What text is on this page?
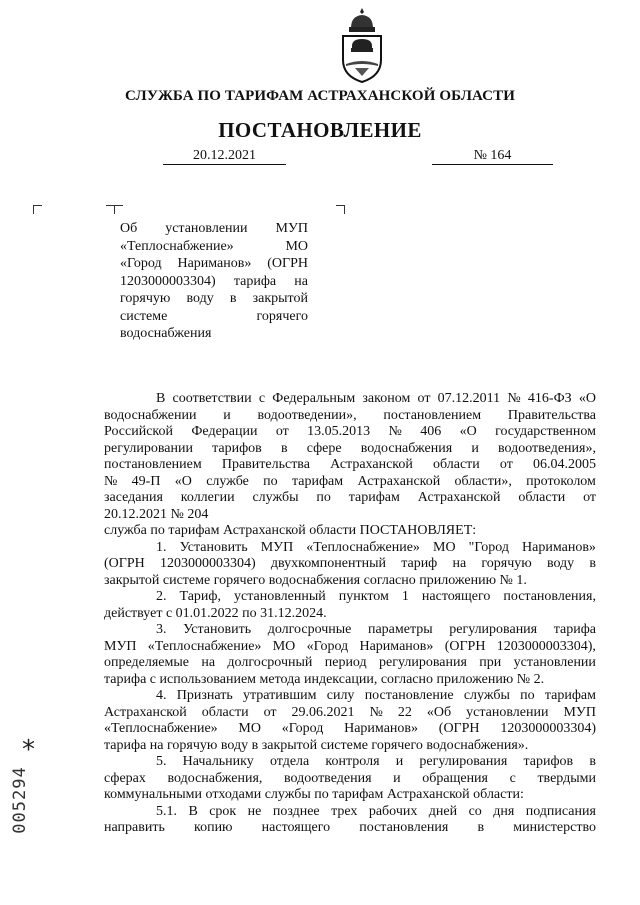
СЛУЖБА ПО ТАРИФАМ АСТРАХАНСКОЙ ОБЛАСТИ
ПОСТАНОВЛЕНИЕ
20.12.2021	№ 164
Об установлении МУП
«Теплоснабжение»	МО
«Город Нариманов» (ОГРН
1203000003304) тарифа на
горячую воду в закрытой
системе	горячего
водоснабжения
В соответствии с Федеральным законом от 07.12.2011 № 416-ФЗ «О
водоснабжении и водоотведении», постановлением Правительства
Российской Федерации от 13.05.2013 № 406 «О государственном
регулировании тарифов в сфере водоснабжения и водоотведения»,
постановлением Правительства Астраханской области от 06.04.2005
№ 49-П «О службе по тарифам Астраханской области», протоколом
заседания коллегии службы по тарифам Астраханской области от
20.12.2021 № 204
служба по тарифам Астраханской области ПОСТАНОВЛЯЕТ:
1. Установить МУП «Теплоснабжение» МО "Город Нариманов»
(ОГРН 1203000003304) двухкомпонентный тариф на горячую воду в
закрытой системе горячего водоснабжения согласно приложению № 1.
2. Тариф, установленный пунктом 1 настоящего постановления,
действует с 01.01.2022 по 31.12.2024.
3. Установить долгосрочные параметры регулирования тарифа
МУП «Теплоснабжение» МО «Город Нариманов» (ОГРН 1203000003304),
определяемые на долгосрочный период регулирования при установлении
тарифа с использованием метода индексации, согласно приложению № 2.
4. Признать утратившим силу постановление службы по тарифам
Астраханской области от 29.06.2021 № 22 «Об установлении МУП
«Теплоснабжение» МО «Город Нариманов» (ОГРН 1203000003304)
тарифа на горячую воду в закрытой системе горячего водоснабжения».
5. Начальнику отдела контроля и регулирования тарифов в
сферах водоснабжения, водоотведения и обращения с твердыми
коммунальными отходами службы по тарифам Астраханской области:
5.1. В срок не позднее трех рабочих дней со дня подписания
направить копию настоящего постановления в министерство
005294
*
